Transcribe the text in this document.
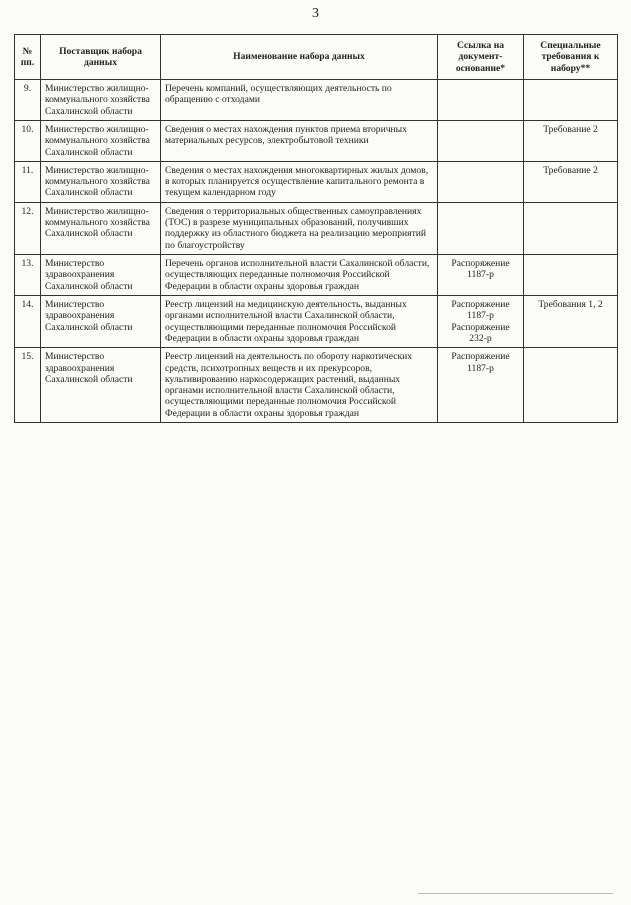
3
№ пп.	Поставщик набора данных	Наименование набора данных	Ссылка на документ-основание*	Специальные требования к набору**
9.	Министерство жилищно-коммунального хозяйства Сахалинской области	Перечень компаний, осуществляющих деятельность по обращению с отходами		
10.	Министерство жилищно-коммунального хозяйства Сахалинской области	Сведения о местах нахождения пунктов приема вторичных материальных ресурсов, электробытовой техники		Требование 2
11.	Министерство жилищно-коммунального хозяйства Сахалинской области	Сведения о местах нахождения многоквартирных жилых домов, в которых планируется осуществление капитального ремонта в текущем календарном году		Требование 2
12.	Министерство жилищно-коммунального хозяйства Сахалинской области	Сведения о территориальных общественных самоуправлениях (ТОС) в разрезе муниципальных образований, получивших поддержку из областного бюджета на реализацию мероприятий по благоустройству		
13.	Министерство здравоохранения Сахалинской области	Перечень органов исполнительной власти Сахалинской области, осуществляющих переданные полномочия Российской Федерации в области охраны здоровья граждан	Распоряжение 1187-р	
14.	Министерство здравоохранения Сахалинской области	Реестр лицензий на медицинскую деятельность, выданных органами исполнительной власти Сахалинской области, осуществляющими переданные полномочия Российской Федерации в области охраны здоровья граждан	Распоряжение 1187-р Распоряжение 232-р	Требования 1, 2
15.	Министерство здравоохранения Сахалинской области	Реестр лицензий на деятельность по обороту наркотических средств, психотропных веществ и их прекурсоров, культивированию наркосодержащих растений, выданных органами исполнительной власти Сахалинской области, осуществляющими переданные полномочия Российской Федерации в области охраны здоровья граждан	Распоряжение 1187-р	
